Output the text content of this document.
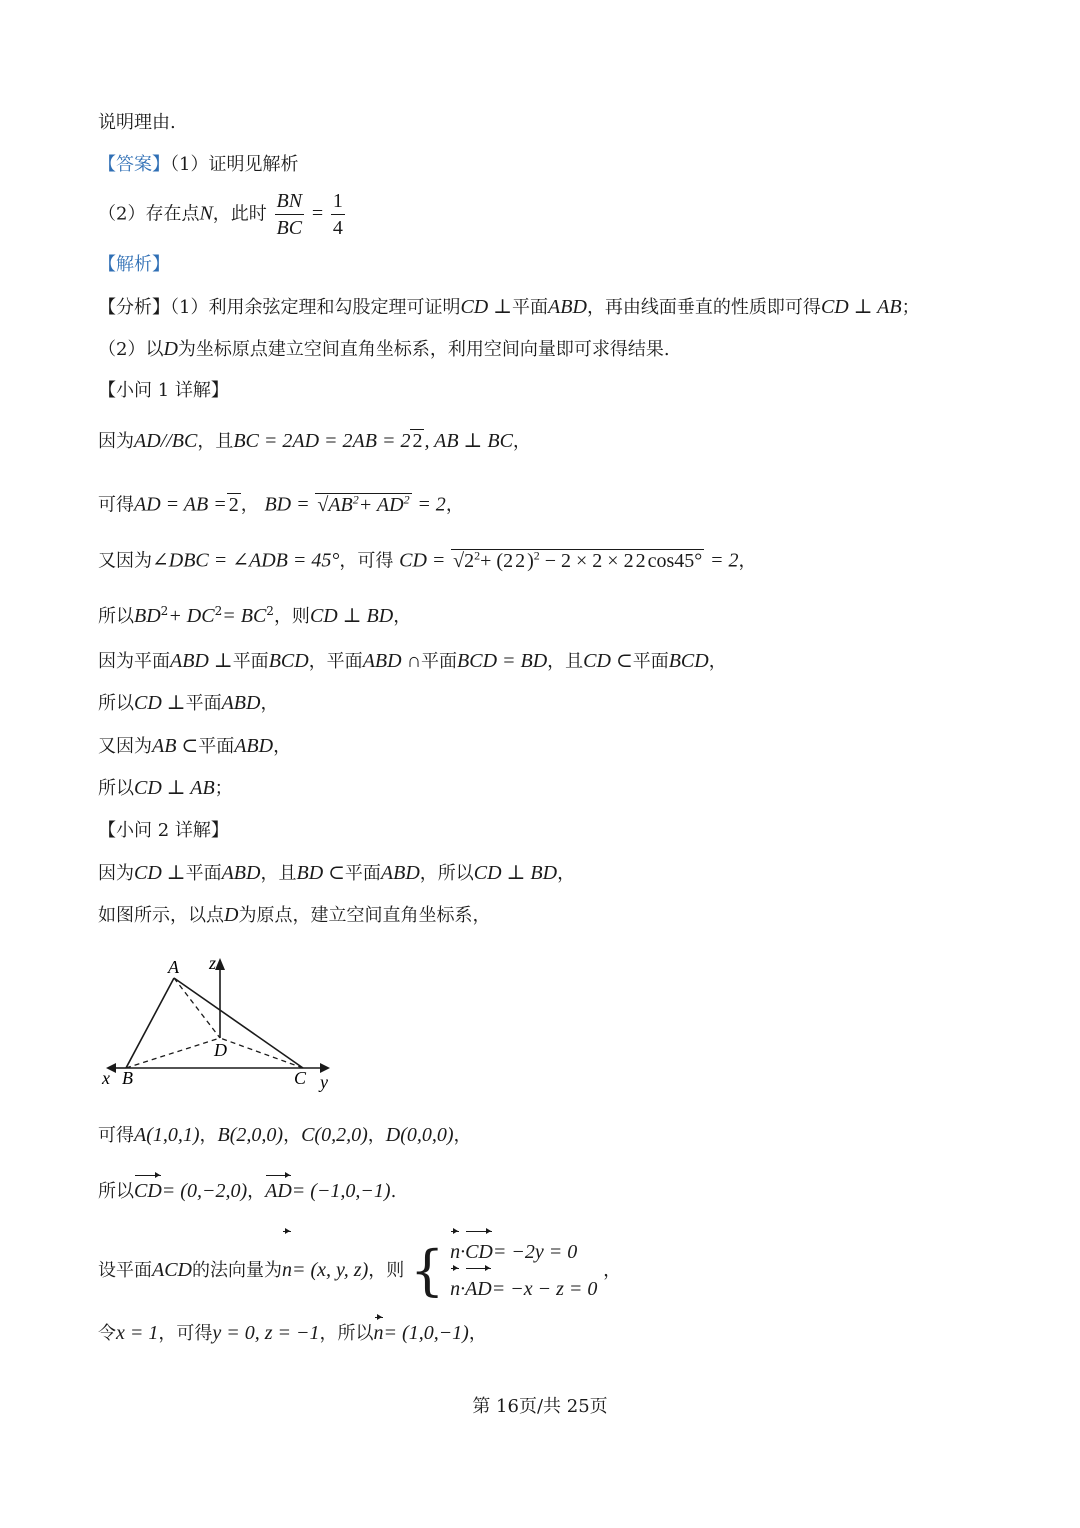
说明理由.
【答案】（1）证明见解析
（2）存在点N，此时 $\frac{BN}{BC} = \frac{1}{4}$
【解析】
【分析】（1）利用余弦定理和勾股定理可证明CD ⊥平面ABD，再由线面垂直的性质即可得CD ⊥ AB；
（2）以D为坐标原点建立空间直角坐标系，利用空间向量即可求得结果.
【小问 1 详解】
因为AD//BC，且BC = 2AD = 2AB = 2 2 , AB ⊥ BC，
可得AD = AB = 2 ， BD = $√AB^2+ AD^2 = 2$，
又因为∠DBC = ∠ADB = 45°，可得 CD = $√2^2+ (2$ 2 )$^2$ − 2 × 2 × 2 2 cos45° = 2，
所以$BD^2+ DC^2= BC^2$，则CD ⊥ BD，
因为平面ABD ⊥平面BCD，平面ABD ∩平面BCD = BD，且CD ⊂平面BCD，
所以CD ⊥平面ABD，
又因为AB ⊂平面ABD，
所以CD ⊥ AB；
【小问 2 详解】
因为CD ⊥平面ABD，且BD ⊂平面ABD，所以CD ⊥ BD，
如图所示，以点D为原点，建立空间直角坐标系，
A z
D
x B	C y
可得A(1,0,1)，B(2,0,0)，C(0,2,0)，D(0,0,0)，
所以CD= (0,−2,0)，AD= (−1,0,−1).
设平面ACD的法向量为n= (x, y, z)，则 { n·CD= −2y = 0
n·AD= −x − z = 0
，
令x = 1，可得y = 0, z = −1，所以n= (1,0,−1)，
第 16页/共 25页
